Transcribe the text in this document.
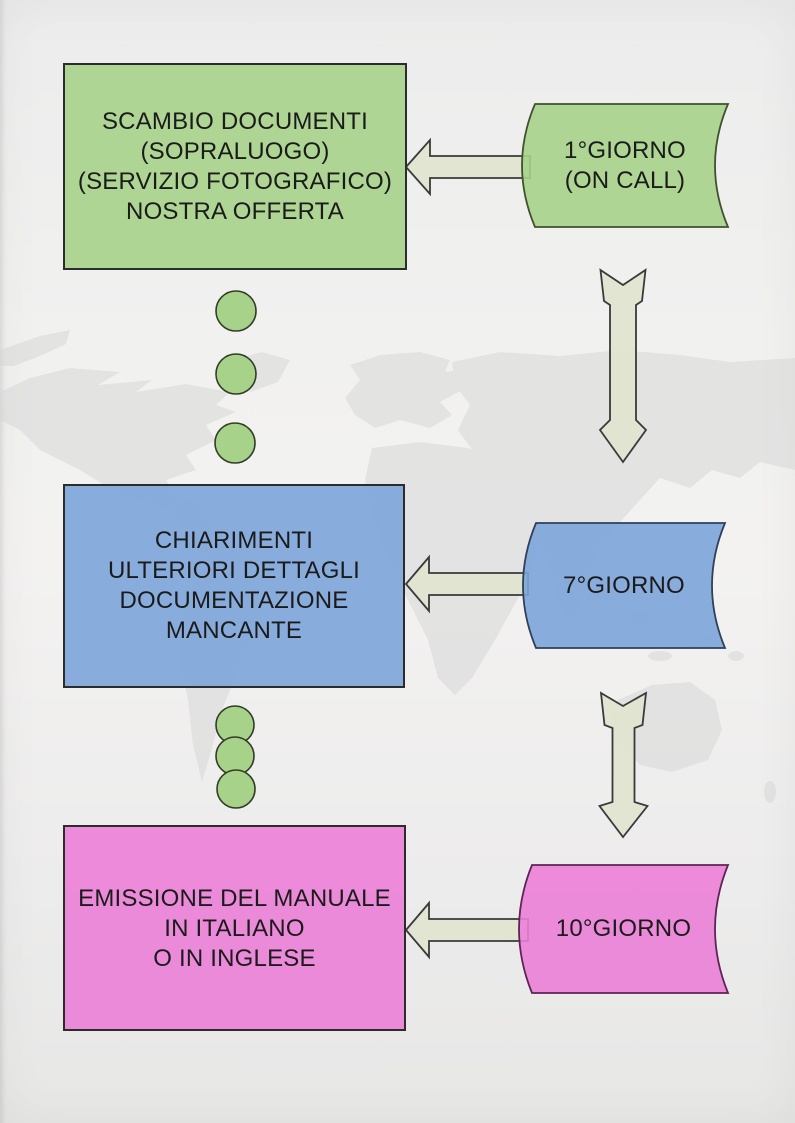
SCAMBIO DOCUMENTI
(SOPRALUOGO)
(SERVIZIO FOTOGRAFICO)
NOSTRA OFFERTA
1°GIORNO
(ON CALL)
CHIARIMENTI
ULTERIORI DETTAGLI
DOCUMENTAZIONE
MANCANTE
7°GIORNO
EMISSIONE DEL MANUALE
IN ITALIANO
O IN INGLESE
10°GIORNO
